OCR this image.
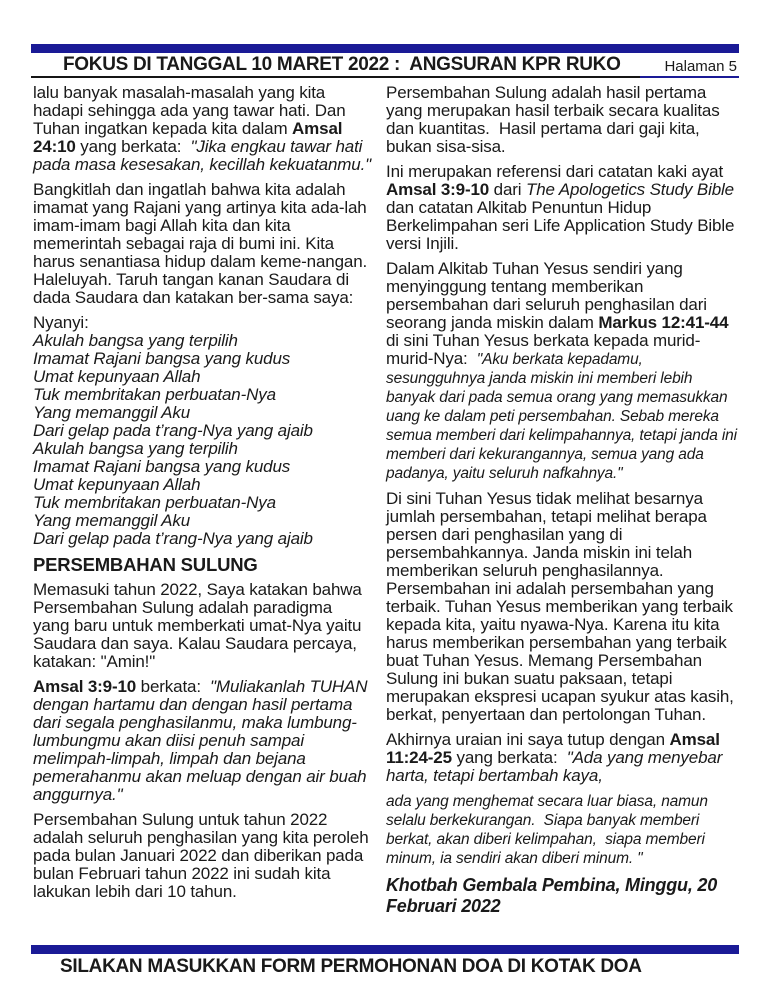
FOKUS DI TANGGAL 10 MARET 2022 :  ANGSURAN KPR RUKO	Halaman 5

lalu banyak masalah-masalah yang kita hadapi sehingga ada yang tawar hati. Dan Tuhan ingatkan kepada kita dalam Amsal 24:10 yang berkata:  "Jika engkau tawar hati pada masa kesesakan, kecillah kekuatanmu."

Bangkitlah dan ingatlah bahwa kita adalah imamat yang Rajani yang artinya kita ada-lah imam-imam bagi Allah kita dan kita memerintah sebagai raja di bumi ini. Kita harus senantiasa hidup dalam keme-nangan. Haleluyah. Taruh tangan kanan Saudara di dada Saudara dan katakan ber-sama saya:

Nyanyi:
Akulah bangsa yang terpilih
Imamat Rajani bangsa yang kudus
Umat kepunyaan Allah
Tuk membritakan perbuatan-Nya
Yang memanggil Aku
Dari gelap pada t’rang-Nya yang ajaib
Akulah bangsa yang terpilih
Imamat Rajani bangsa yang kudus
Umat kepunyaan Allah
Tuk membritakan perbuatan-Nya
Yang memanggil Aku
Dari gelap pada t’rang-Nya yang ajaib
PERSEMBAHAN SULUNG

Memasuki tahun 2022, Saya katakan bahwa Persembahan Sulung adalah paradigma yang baru untuk memberkati umat-Nya yaitu Saudara dan saya. Kalau Saudara percaya, katakan: "Amin!"

Amsal 3:9-10 berkata:  "Muliakanlah TUHAN dengan hartamu dan dengan hasil pertama dari segala penghasilanmu, maka lumbung-lumbungmu akan diisi penuh sampai melimpah-limpah, limpah dan bejana pemerahanmu akan meluap dengan air buah anggurnya."

Persembahan Sulung untuk tahun 2022 adalah seluruh penghasilan yang kita peroleh pada bulan Januari 2022 dan diberikan pada bulan Februari tahun 2022 ini sudah kita lakukan lebih dari 10 tahun.

Persembahan Sulung adalah hasil pertama yang merupakan hasil terbaik secara kualitas dan kuantitas.  Hasil pertama dari gaji kita, bukan sisa-sisa.

Ini merupakan referensi dari catatan kaki ayat Amsal 3:9-10 dari The Apologetics Study Bible dan catatan Alkitab Penuntun Hidup Berkelimpahan seri Life Application Study Bible versi Injili.

Dalam Alkitab Tuhan Yesus sendiri yang menyinggung tentang memberikan persembahan dari seluruh penghasilan dari seorang janda miskin dalam Markus 12:41-44 di sini Tuhan Yesus berkata kepada murid-murid-Nya:  "Aku berkata kepadamu, sesungguhnya janda miskin ini memberi lebih banyak dari pada semua orang yang memasukkan uang ke dalam peti persembahan. Sebab mereka semua memberi dari kelimpahannya, tetapi janda ini memberi dari kekurangannya, semua yang ada padanya, yaitu seluruh nafkahnya."

Di sini Tuhan Yesus tidak melihat besarnya jumlah persembahan, tetapi melihat berapa persen dari penghasilan yang di persembahkannya. Janda miskin ini telah memberikan seluruh penghasilannya. Persembahan ini adalah persembahan yang terbaik. Tuhan Yesus memberikan yang terbaik kepada kita, yaitu nyawa-Nya. Karena itu kita harus memberikan persembahan yang terbaik buat Tuhan Yesus. Memang Persembahan Sulung ini bukan suatu paksaan, tetapi merupakan ekspresi ucapan syukur atas kasih, berkat, penyertaan dan pertolongan Tuhan.

Akhirnya uraian ini saya tutup dengan Amsal 11:24-25 yang berkata:  "Ada yang menyebar harta, tetapi bertambah kaya,

ada yang menghemat secara luar biasa, namun selalu berkekurangan.  Siapa banyak memberi berkat, akan diberi kelimpahan,  siapa memberi minum, ia sendiri akan diberi minum. "

Khotbah Gembala Pembina, Minggu, 20 Februari 2022

SILAKAN MASUKKAN FORM PERMOHONAN DOA DI KOTAK DOA
